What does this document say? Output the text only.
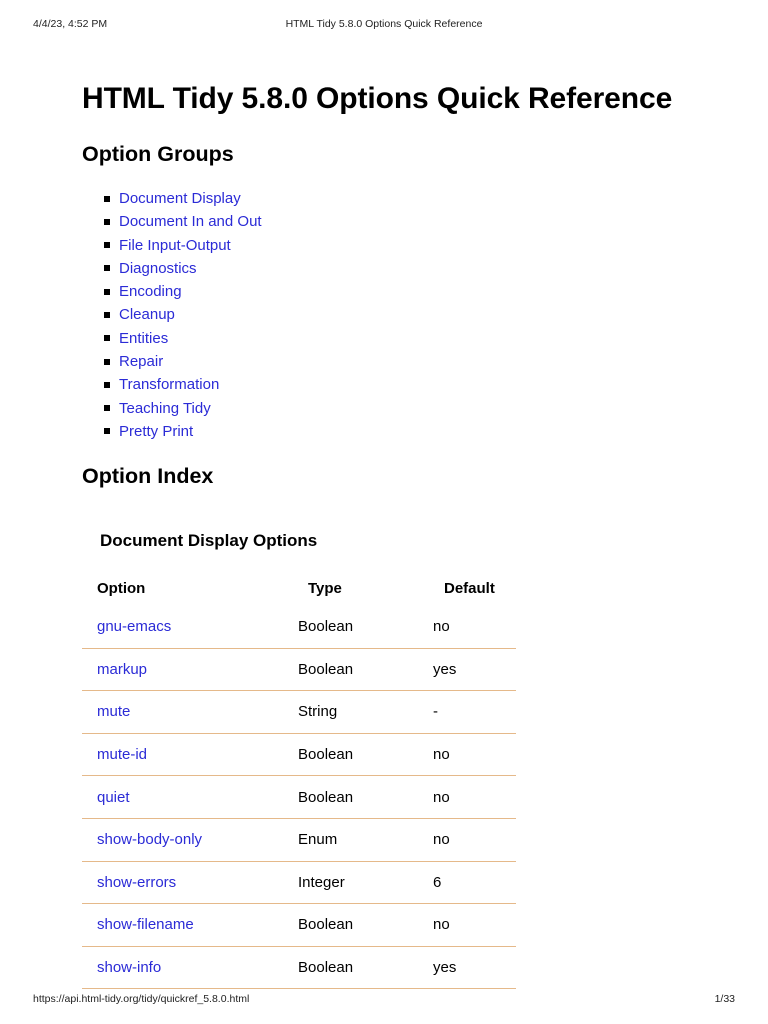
4/4/23, 4:52 PM	HTML Tidy 5.8.0 Options Quick Reference
HTML Tidy 5.8.0 Options Quick Reference
Option Groups
Document Display
Document In and Out
File Input-Output
Diagnostics
Encoding
Cleanup
Entities
Repair
Transformation
Teaching Tidy
Pretty Print
Option Index
Document Display Options
Option	Type	Default
gnu-emacs	Boolean	no
markup	Boolean	yes
mute	String	-
mute-id	Boolean	no
quiet	Boolean	no
show-body-only	Enum	no
show-errors	Integer	6
show-filename	Boolean	no
show-info	Boolean	yes
https://api.html-tidy.org/tidy/quickref_5.8.0.html	1/33
